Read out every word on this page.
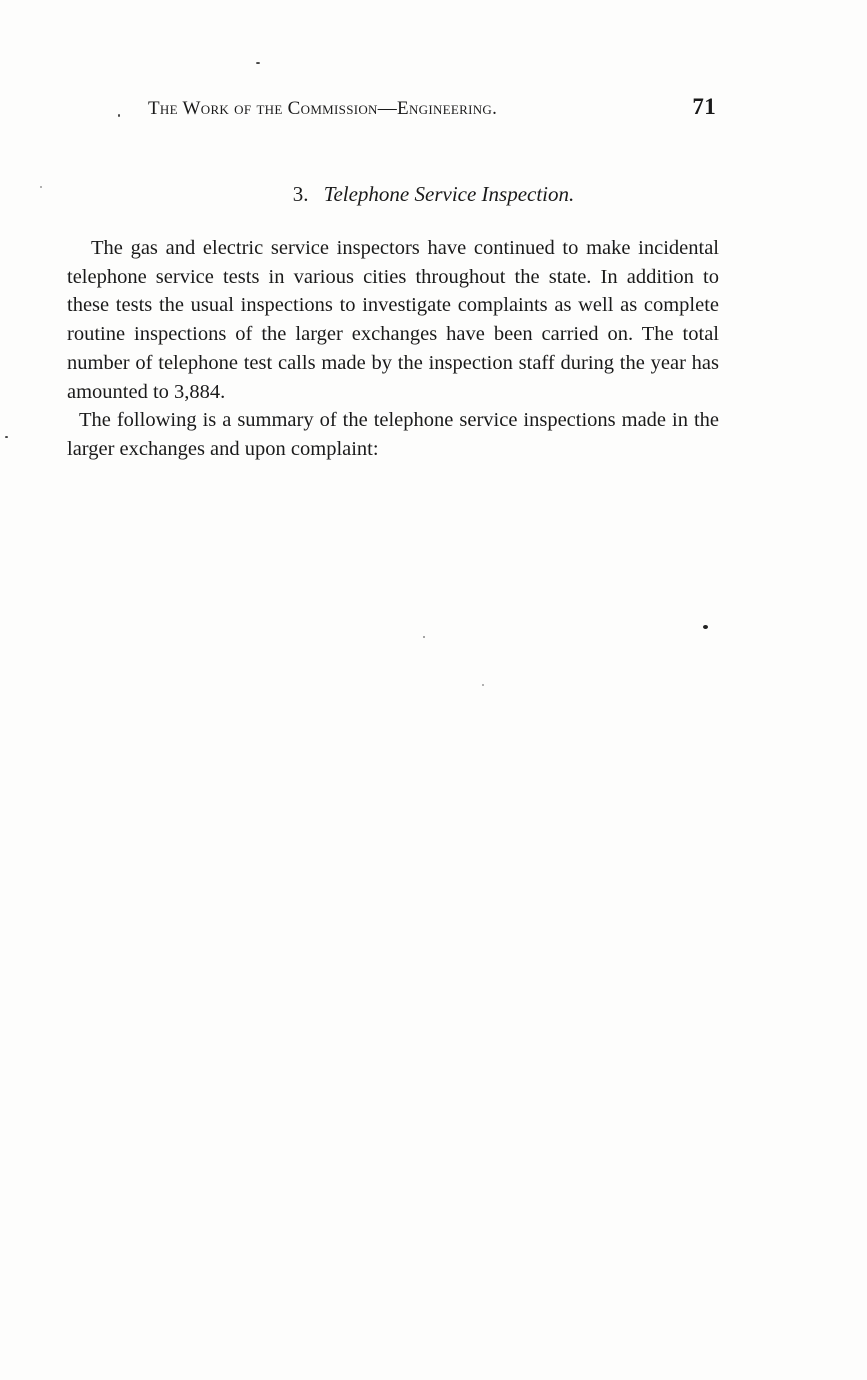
The Work of the Commission—Engineering.	71
3. Telephone Service Inspection.

The gas and electric service inspectors have continued to make incidental telephone service tests in various cities throughout the state. In addition to these tests the usual inspections to investigate complaints as well as complete routine inspections of the larger exchanges have been carried on. The total number of telephone test calls made by the inspection staff during the year has amounted to 3,884.

The following is a summary of the telephone service inspections made in the larger exchanges and upon complaint:
